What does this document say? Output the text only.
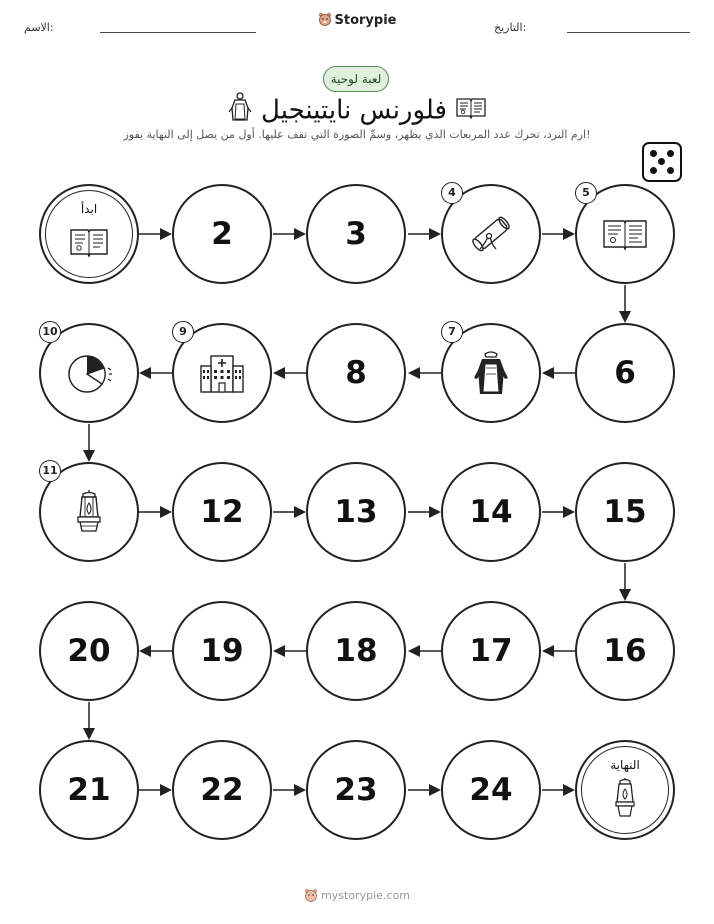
الاسم:	Storypie	التاريخ:
لعبة لوحية
فلورنس نايتينجيل
ارم النرد، تحرك عدد المربعات الذي يظهر، وسمِّ الصورة التي تقف عليها. أول من يصل إلى النهاية يفوز!
ابدأ
2	3
4	5
10	9
8
7
6
11
12	13	14	15
20	19	18	17	16
21	22	23	24
النهاية
mystorypie.com
